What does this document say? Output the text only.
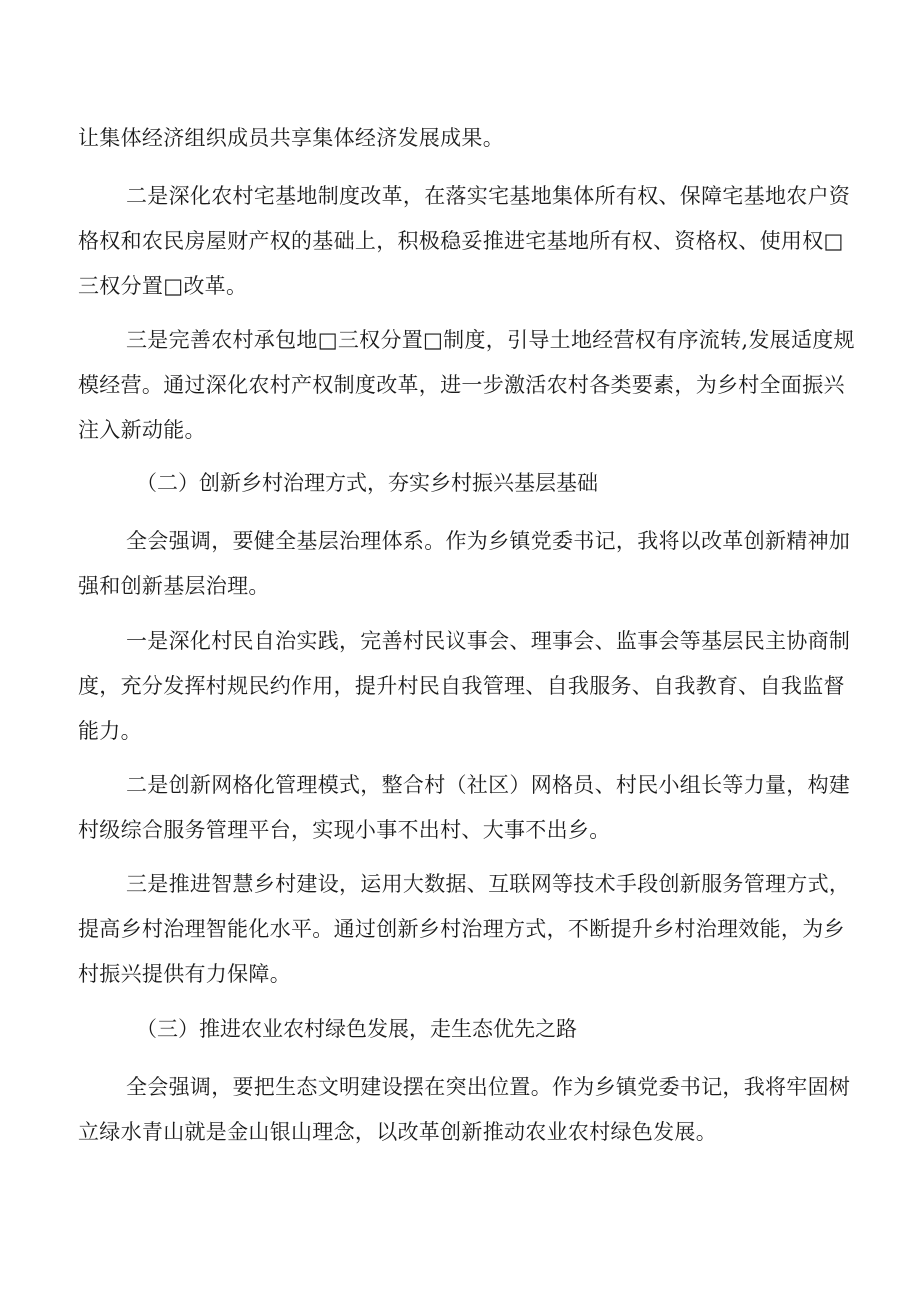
让集体经济组织成员共享集体经济发展成果。

二是深化农村宅基地制度改革，在落实宅基地集体所有权、保障宅基地农户资格权和农民房屋财产权的基础上，积极稳妥推进宅基地所有权、资格权、使用权□三权分置□改革。

三是完善农村承包地□三权分置□制度，引导土地经营权有序流转,发展适度规模经营。通过深化农村产权制度改革，进一步激活农村各类要素，为乡村全面振兴注入新动能。

（二）创新乡村治理方式，夯实乡村振兴基层基础

全会强调，要健全基层治理体系。作为乡镇党委书记，我将以改革创新精神加强和创新基层治理。

一是深化村民自治实践，完善村民议事会、理事会、监事会等基层民主协商制度，充分发挥村规民约作用，提升村民自我管理、自我服务、自我教育、自我监督能力。

二是创新网格化管理模式，整合村（社区）网格员、村民小组长等力量，构建村级综合服务管理平台，实现小事不出村、大事不出乡。

三是推进智慧乡村建设，运用大数据、互联网等技术手段创新服务管理方式，提高乡村治理智能化水平。通过创新乡村治理方式，不断提升乡村治理效能，为乡村振兴提供有力保障。

（三）推进农业农村绿色发展，走生态优先之路

全会强调，要把生态文明建设摆在突出位置。作为乡镇党委书记，我将牢固树立绿水青山就是金山银山理念，以改革创新推动农业农村绿色发展。
